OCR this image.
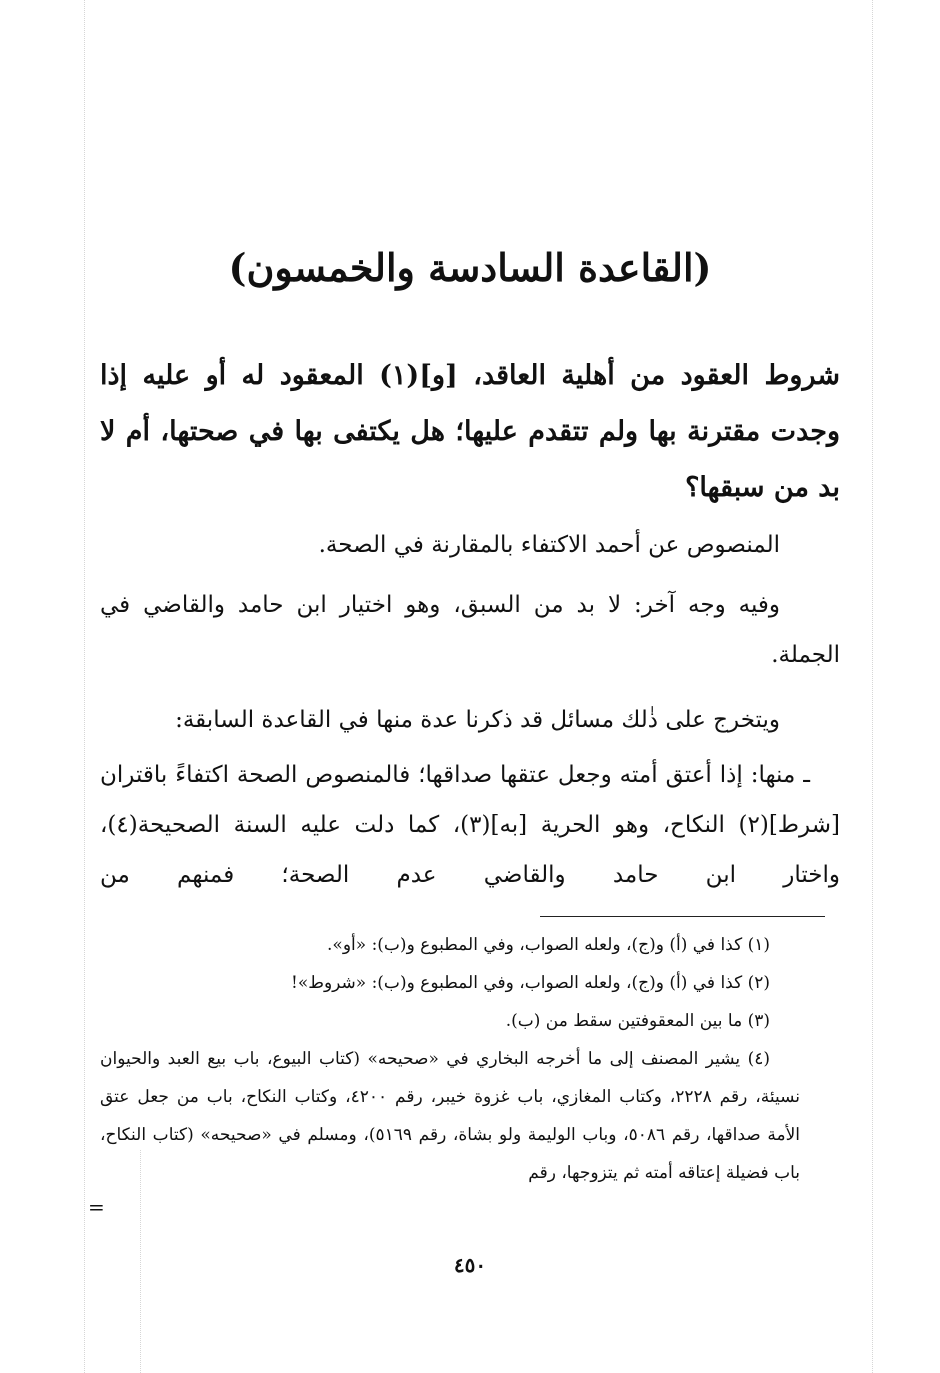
(القاعدة السادسة والخمسون)

شروط العقود من أهلية العاقد، [و](١) المعقود له أو عليه إذا وجدت مقترنة بها ولم تتقدم عليها؛ هل يكتفى بها في صحتها، أم لا بد من سبقها؟

المنصوص عن أحمد الاكتفاء بالمقارنة في الصحة.

وفيه وجه آخر: لا بد من السبق، وهو اختيار ابن حامد والقاضي في الجملة.

ويتخرج على ذٰلك مسائل قد ذكرنا عدة منها في القاعدة السابقة:

ـ منها: إذا أعتق أمته وجعل عتقها صداقها؛ فالمنصوص الصحة اكتفاءً باقتران [شرط](٢) النكاح، وهو الحرية [به](٣)، كما دلت عليه السنة الصحيحة(٤)، واختار ابن حامد والقاضي عدم الصحة؛ فمنهم من

(١) كذا في (أ) و(ج)، ولعله الصواب، وفي المطبوع و(ب): «أو».

(٢) كذا في (أ) و(ج)، ولعله الصواب، وفي المطبوع و(ب): «شروط»!

(٣) ما بين المعقوفتين سقط من (ب).

(٤) يشير المصنف إلى ما أخرجه البخاري في «صحيحه» (كتاب البيوع، باب بيع العبد والحيوان نسيئة، رقم ٢٢٢٨، وكتاب المغازي، باب غزوة خيبر، رقم ٤٢٠٠، وكتاب النكاح، باب من جعل عتق الأمة صداقها، رقم ٥٠٨٦، وباب الوليمة ولو بشاة، رقم ٥١٦٩)، ومسلم في «صحيحه» (كتاب النكاح، باب فضيلة إعتاقه أمته ثم يتزوجها، رقم

=
٤٥٠
